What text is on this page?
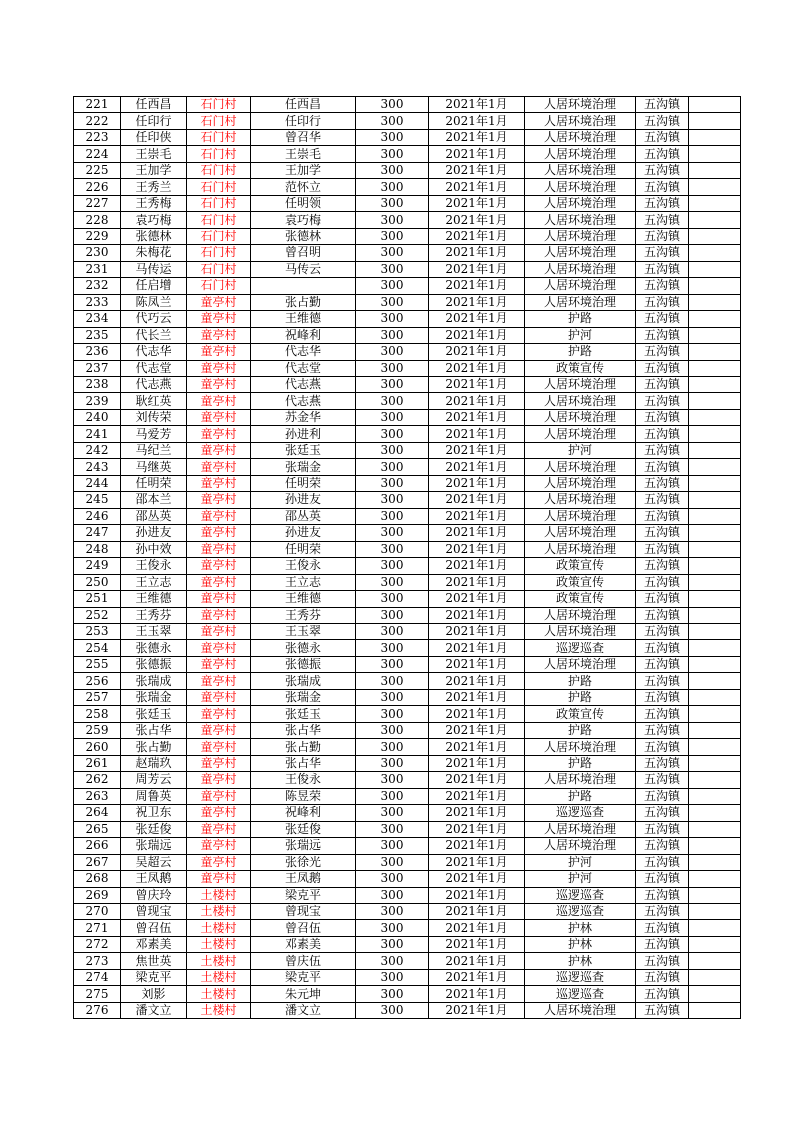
221	任西昌	石门村	任西昌	300	2021年1月	人居环境治理	五沟镇	
222	任印行	石门村	任印行	300	2021年1月	人居环境治理	五沟镇	
223	任印侠	石门村	曾召华	300	2021年1月	人居环境治理	五沟镇	
224	王崇毛	石门村	王崇毛	300	2021年1月	人居环境治理	五沟镇	
225	王加学	石门村	王加学	300	2021年1月	人居环境治理	五沟镇	
226	王秀兰	石门村	范怀立	300	2021年1月	人居环境治理	五沟镇	
227	王秀梅	石门村	任明领	300	2021年1月	人居环境治理	五沟镇	
228	袁巧梅	石门村	袁巧梅	300	2021年1月	人居环境治理	五沟镇	
229	张德林	石门村	张德林	300	2021年1月	人居环境治理	五沟镇	
230	朱梅花	石门村	曾召明	300	2021年1月	人居环境治理	五沟镇	
231	马传运	石门村	马传云	300	2021年1月	人居环境治理	五沟镇	
232	任启增	石门村		300	2021年1月	人居环境治理	五沟镇	
233	陈凤兰	童亭村	张占勤	300	2021年1月	人居环境治理	五沟镇	
234	代巧云	童亭村	王维德	300	2021年1月	护路	五沟镇	
235	代长兰	童亭村	祝峰利	300	2021年1月	护河	五沟镇	
236	代志华	童亭村	代志华	300	2021年1月	护路	五沟镇	
237	代志堂	童亭村	代志堂	300	2021年1月	政策宣传	五沟镇	
238	代志燕	童亭村	代志燕	300	2021年1月	人居环境治理	五沟镇	
239	耿红英	童亭村	代志燕	300	2021年1月	人居环境治理	五沟镇	
240	刘传荣	童亭村	苏金华	300	2021年1月	人居环境治理	五沟镇	
241	马爱芳	童亭村	孙进利	300	2021年1月	人居环境治理	五沟镇	
242	马纪兰	童亭村	张廷玉	300	2021年1月	护河	五沟镇	
243	马继英	童亭村	张瑞金	300	2021年1月	人居环境治理	五沟镇	
244	任明荣	童亭村	任明荣	300	2021年1月	人居环境治理	五沟镇	
245	邵本兰	童亭村	孙进友	300	2021年1月	人居环境治理	五沟镇	
246	邵丛英	童亭村	邵丛英	300	2021年1月	人居环境治理	五沟镇	
247	孙进友	童亭村	孙进友	300	2021年1月	人居环境治理	五沟镇	
248	孙中效	童亭村	任明荣	300	2021年1月	人居环境治理	五沟镇	
249	王俊永	童亭村	王俊永	300	2021年1月	政策宣传	五沟镇	
250	王立志	童亭村	王立志	300	2021年1月	政策宣传	五沟镇	
251	王维德	童亭村	王维德	300	2021年1月	政策宣传	五沟镇	
252	王秀芬	童亭村	王秀芬	300	2021年1月	人居环境治理	五沟镇	
253	王玉翠	童亭村	王玉翠	300	2021年1月	人居环境治理	五沟镇	
254	张德永	童亭村	张德永	300	2021年1月	巡逻巡查	五沟镇	
255	张德振	童亭村	张德振	300	2021年1月	人居环境治理	五沟镇	
256	张瑞成	童亭村	张瑞成	300	2021年1月	护路	五沟镇	
257	张瑞金	童亭村	张瑞金	300	2021年1月	护路	五沟镇	
258	张廷玉	童亭村	张廷玉	300	2021年1月	政策宣传	五沟镇	
259	张占华	童亭村	张占华	300	2021年1月	护路	五沟镇	
260	张占勤	童亭村	张占勤	300	2021年1月	人居环境治理	五沟镇	
261	赵瑞玖	童亭村	张占华	300	2021年1月	护路	五沟镇	
262	周芳云	童亭村	王俊永	300	2021年1月	人居环境治理	五沟镇	
263	周鲁英	童亭村	陈昱荣	300	2021年1月	护路	五沟镇	
264	祝卫东	童亭村	祝峰利	300	2021年1月	巡逻巡查	五沟镇	
265	张廷俊	童亭村	张廷俊	300	2021年1月	人居环境治理	五沟镇	
266	张瑞远	童亭村	张瑞远	300	2021年1月	人居环境治理	五沟镇	
267	吴超云	童亭村	张徐光	300	2021年1月	护河	五沟镇	
268	王凤鹅	童亭村	王凤鹅	300	2021年1月	护河	五沟镇	
269	曾庆玲	土楼村	梁克平	300	2021年1月	巡逻巡查	五沟镇	
270	曾现宝	土楼村	曾现宝	300	2021年1月	巡逻巡查	五沟镇	
271	曾召伍	土楼村	曾召伍	300	2021年1月	护林	五沟镇	
272	邓素美	土楼村	邓素美	300	2021年1月	护林	五沟镇	
273	焦世英	土楼村	曾庆伍	300	2021年1月	护林	五沟镇	
274	梁克平	土楼村	梁克平	300	2021年1月	巡逻巡查	五沟镇	
275	刘影	土楼村	朱元坤	300	2021年1月	巡逻巡查	五沟镇	
276	潘文立	土楼村	潘文立	300	2021年1月	人居环境治理	五沟镇	
